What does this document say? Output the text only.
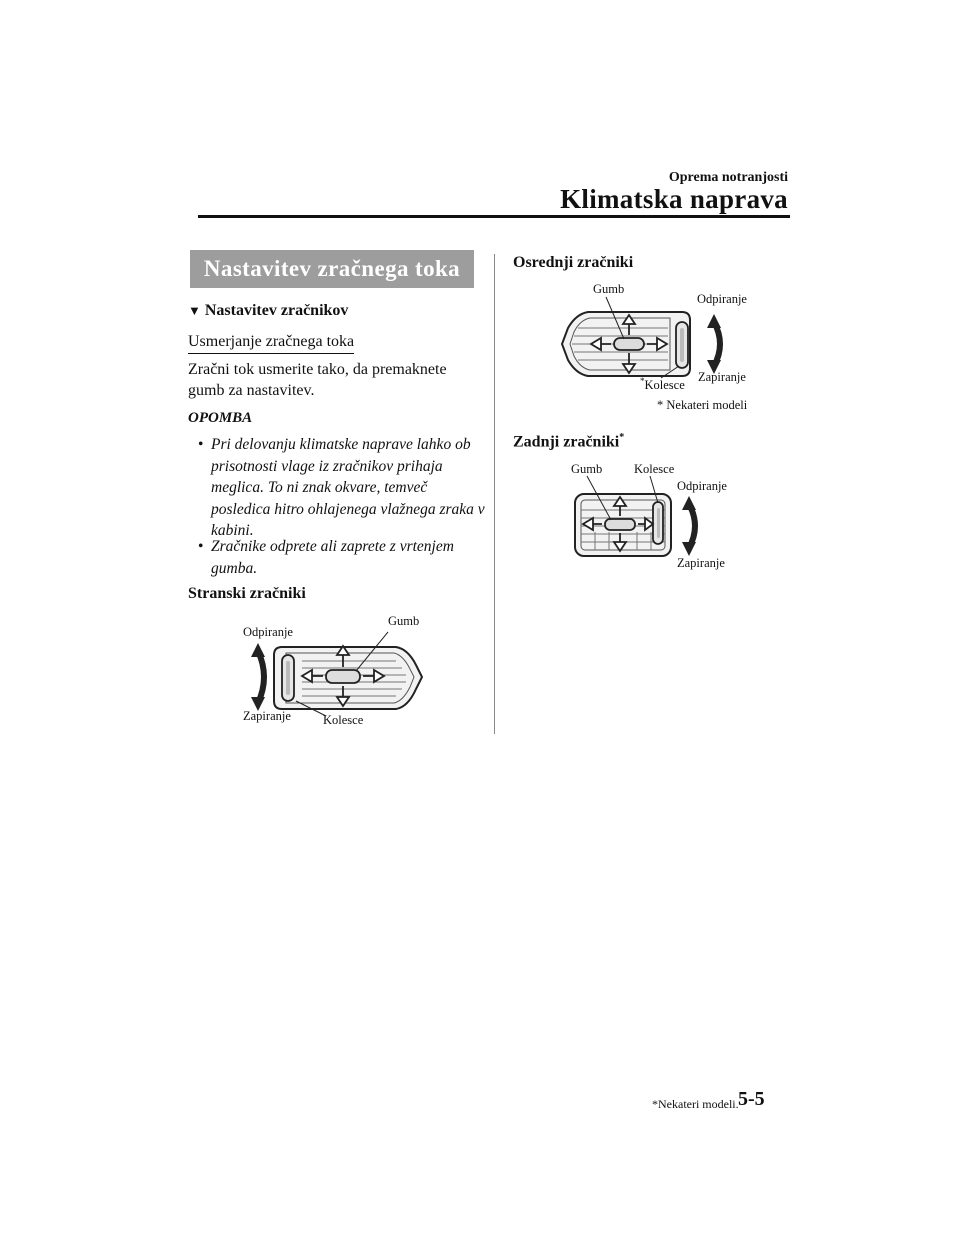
Oprema notranjosti
Klimatska naprava
Nastavitev zračnega toka
▼ Nastavitev zračnikov
Usmerjanje zračnega toka
Zračni tok usmerite tako, da premaknete gumb za nastavitev.
OPOMBA
• Pri delovanju klimatske naprave lahko ob prisotnosti vlage iz zračnikov prihaja meglica. To ni znak okvare, temveč posledica hitro ohlajenega vlažnega zraka v kabini.
• Zračnike odprete ali zaprete z vrtenjem gumba.
Stranski zračniki
Odpiranje
Gumb
Zapiranje	Kolesce
Osrednji zračniki
Gumb
Odpiranje
Zapiranje
*Kolesce
* Nekateri modeli
Zadnji zračniki*
Gumb	Kolesce
Odpiranje
Zapiranje
*Nekateri modeli. 5-5
